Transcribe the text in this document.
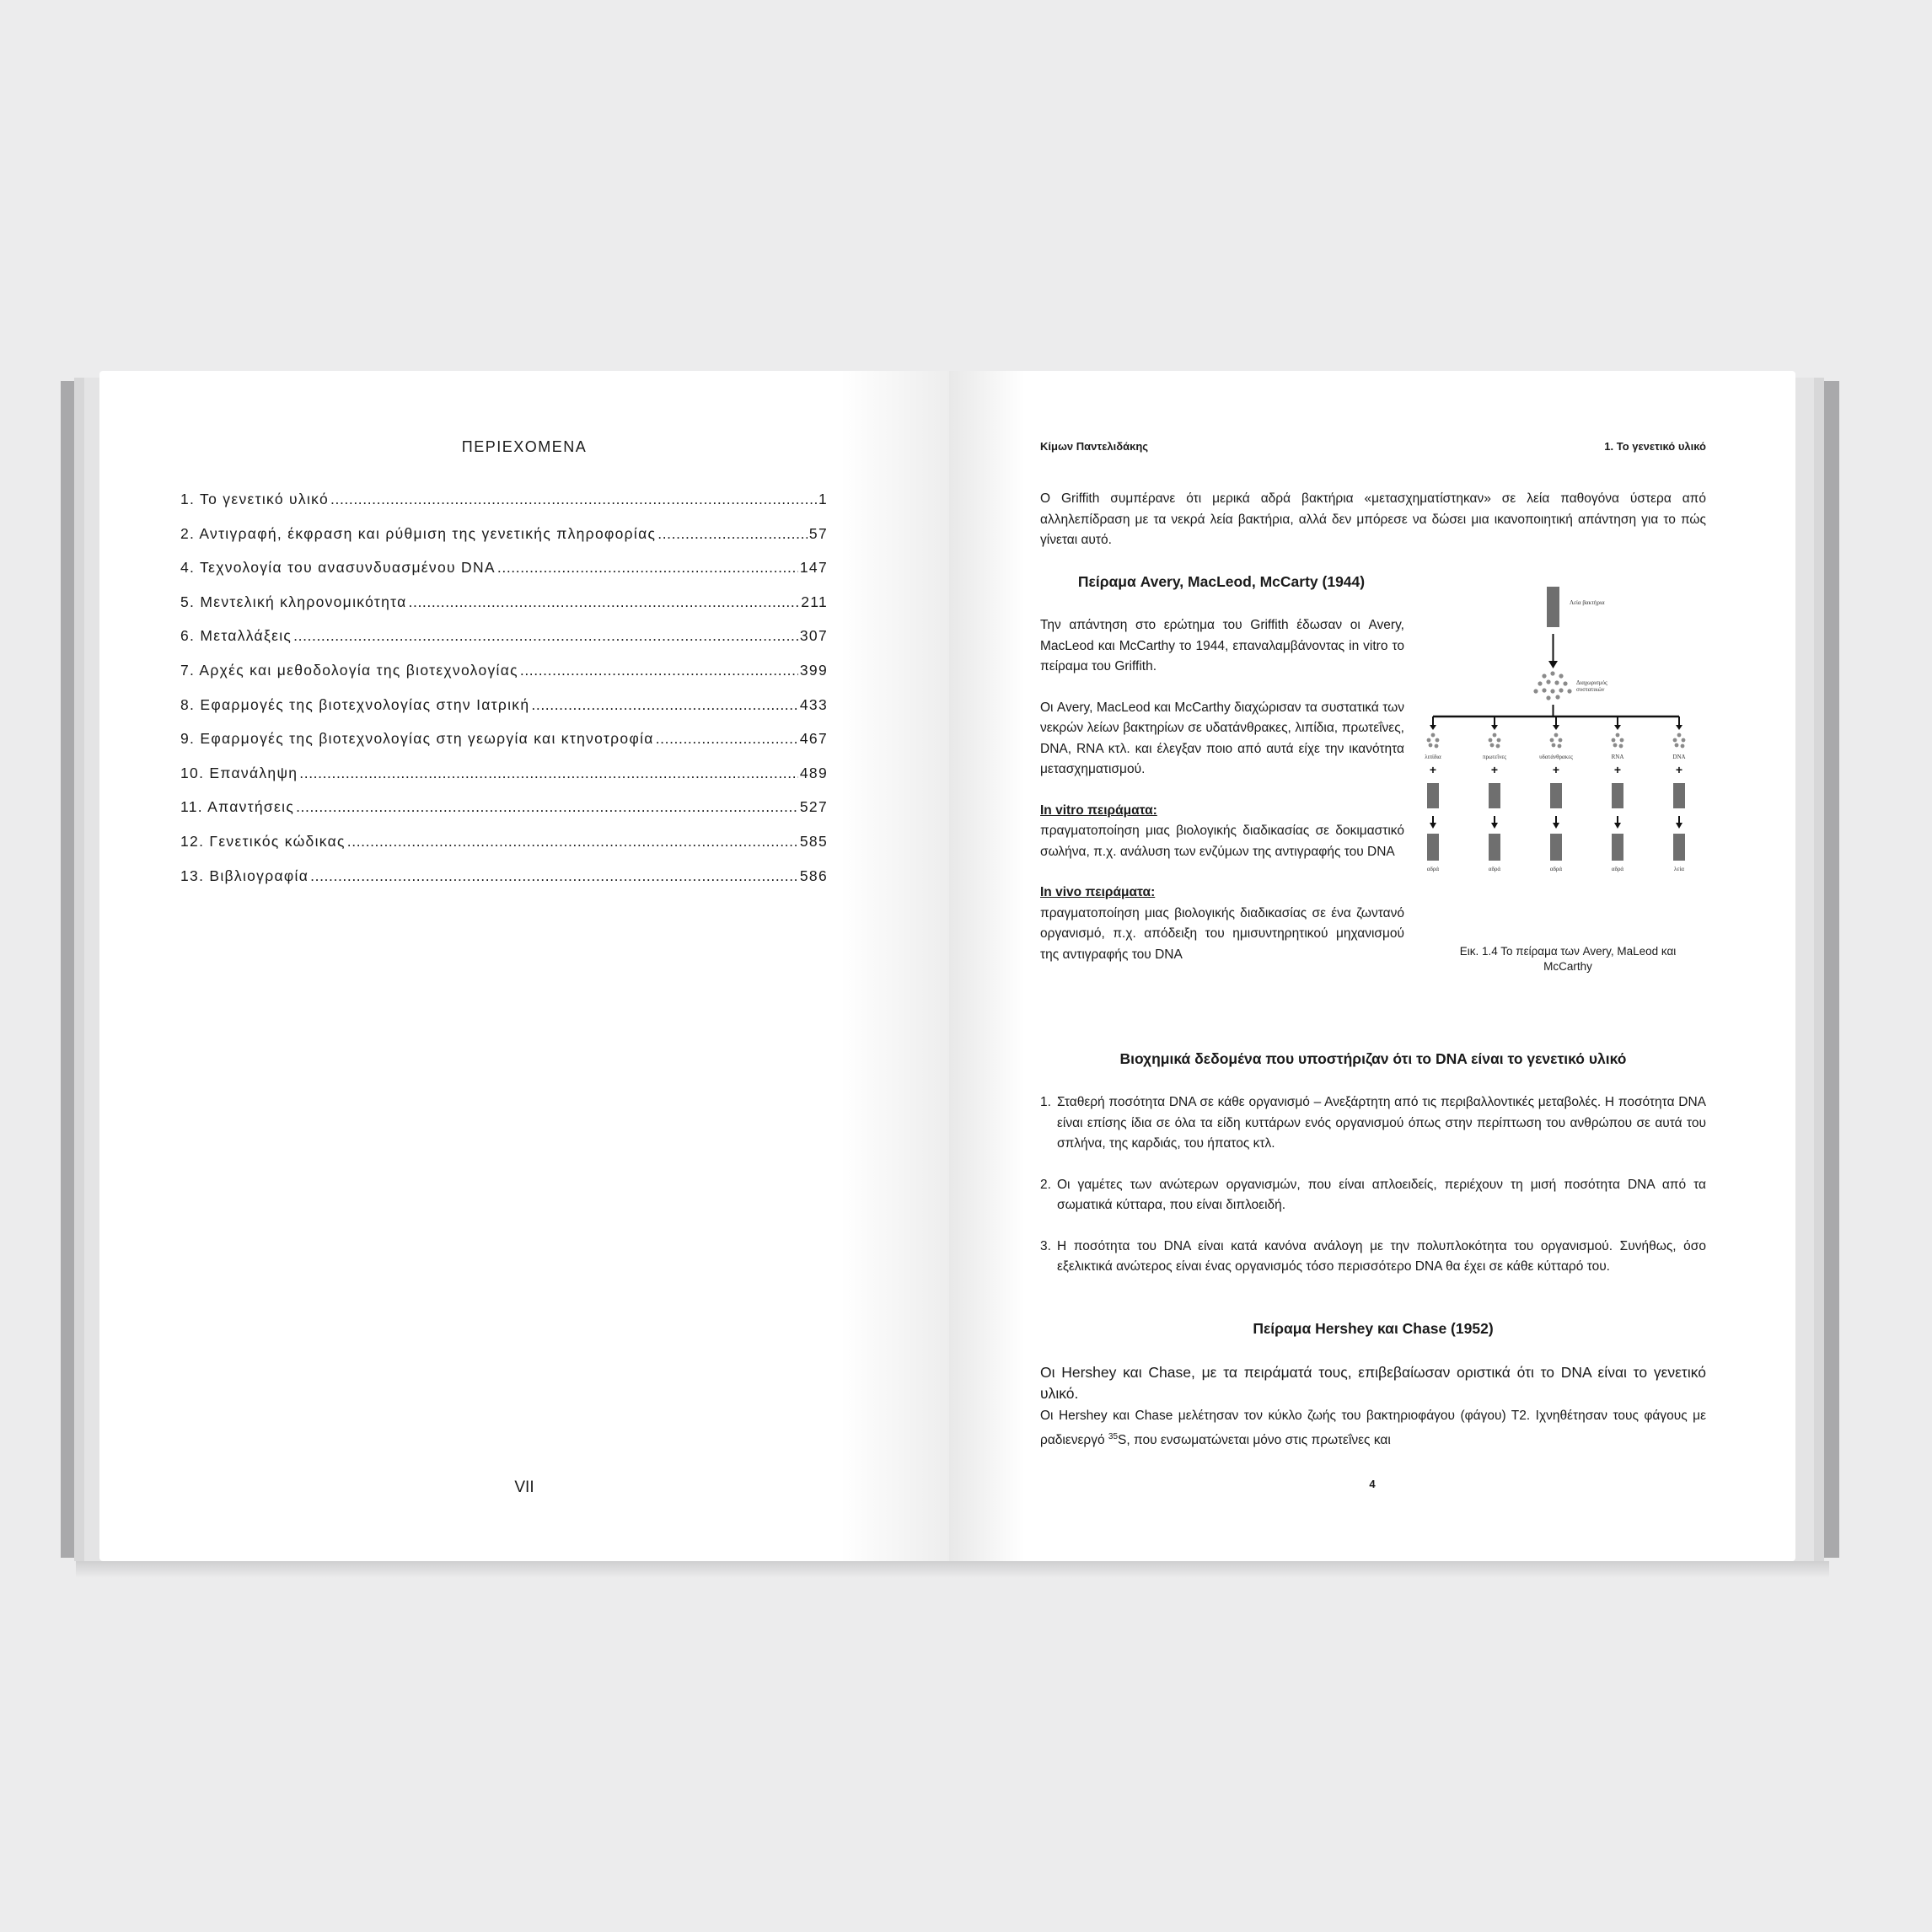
ΠΕΡΙΕΧΟΜΕΝΑ
1. Το γενετικό υλικό .....	1
2. Αντιγραφή, έκφραση και ρύθμιση της γενετικής πληροφορίας .....	57
4. Τεχνολογία του ανασυνδυασμένου DNA .....	147
5. Μεντελική κληρονομικότητα .....	211
6. Μεταλλάξεις .....	307
7. Αρχές και μεθοδολογία της βιοτεχνολογίας .....	399
8. Εφαρμογές της βιοτεχνολογίας στην Ιατρική .....	433
9. Εφαρμογές της βιοτεχνολογίας στη γεωργία και κτηνοτροφία .....	467
10. Επανάληψη .....	489
11. Απαντήσεις .....	527
12. Γενετικός κώδικας .....	585
13. Βιβλιογραφία .....	586
VII
Κίμων Παντελιδάκης	1. Το γενετικό υλικό
O Griffith συμπέρανε ότι μερικά αδρά βακτήρια «μετασχηματίστηκαν» σε λεία παθογόνα ύστερα από αλληλεπίδραση με τα νεκρά λεία βακτήρια, αλλά δεν μπόρεσε να δώσει μια ικανοποιητική απάντηση για το πώς γίνεται αυτό.
Πείραμα Avery, MacLeod, McCarty (1944)
Την απάντηση στο ερώτημα του Griffith έδωσαν οι Avery, MacLeod και McCarthy το 1944, επαναλαμβάνοντας in vitro το πείραμα του Griffith.
Οι Avery, MacLeod και McCarthy διαχώρισαν τα συστατικά των νεκρών λείων βακτηρίων σε υδατάνθρακες, λιπίδια, πρωτεΐνες, DNA, RNA κτλ. και έλεγξαν ποιο από αυτά είχε την ικανότητα μετασχηματισμού.
In vitro πειράματα:
πραγματοποίηση μιας βιολογικής διαδικασίας σε δοκιμαστικό σωλήνα, π.χ. ανάλυση των ενζύμων της αντιγραφής του DNA
In vivo πειράματα:
πραγματοποίηση μιας βιολογικής διαδικασίας σε ένα ζωντανό οργανισμό, π.χ. απόδειξη του ημισυντηρητικού μηχανισμού της αντιγραφής του DNA
Λεία βακτήρια
Διαχωρισμός
συστατικών
λιπίδια
+
αδρά
πρωτεΐνες
+
αδρά
υδατάνθρακες
+
αδρά
RNA
+
αδρά
DNA
+
λεία
Εικ. 1.4 Το πείραμα των Avery, MaLeod και McCarthy
Βιοχημικά δεδομένα που υποστήριζαν ότι το DNA είναι το γενετικό υλικό
1. Σταθερή ποσότητα DNA σε κάθε οργανισμό – Ανεξάρτητη από τις περιβαλλοντικές μεταβολές. Η ποσότητα DNA είναι επίσης ίδια σε όλα τα είδη κυττάρων ενός οργανισμού όπως στην περίπτωση του ανθρώπου σε αυτά του σπλήνα, της καρδιάς, του ήπατος κτλ.
2. Οι γαμέτες των ανώτερων οργανισμών, που είναι απλοειδείς, περιέχουν τη μισή ποσότητα DNA από τα σωματικά κύτταρα, που είναι διπλοειδή.
3. Η ποσότητα του DNA είναι κατά κανόνα ανάλογη με την πολυπλοκότητα του οργανισμού. Συνήθως, όσο εξελικτικά ανώτερος είναι ένας οργανισμός τόσο περισσότερο DNA θα έχει σε κάθε κύτταρό του.
Πείραμα Hershey και Chase (1952)
Οι Hershey και Chase, με τα πειράματά τους, επιβεβαίωσαν οριστικά ότι το DNA είναι το γενετικό υλικό.
Οι Hershey και Chase μελέτησαν τον κύκλο ζωής του βακτηριοφάγου (φάγου) Τ2. Ιχνηθέτησαν τους φάγους με ραδιενεργό $^{35}$S, που ενσωματώνεται μόνο στις πρωτεΐνες και
4
